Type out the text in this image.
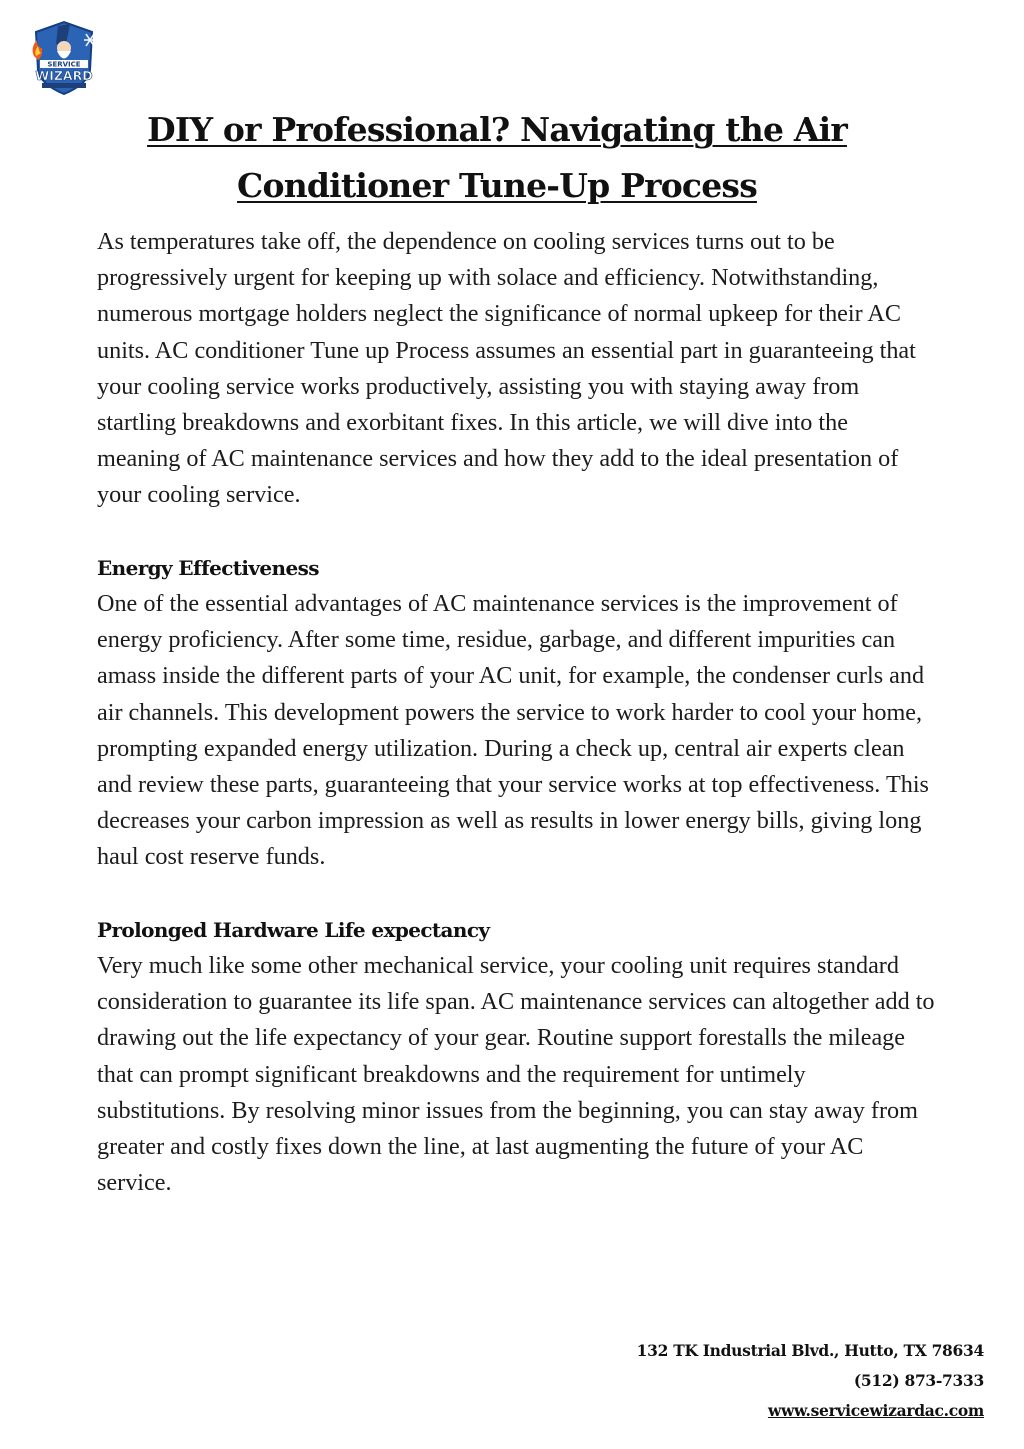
SERVICE
WIZARD
DIY or Professional? Navigating the Air Conditioner Tune-Up Process

As temperatures take off, the dependence on cooling services turns out to be progressively urgent for keeping up with solace and efficiency. Notwithstanding, numerous mortgage holders neglect the significance of normal upkeep for their AC units. AC conditioner Tune up Process assumes an essential part in guaranteeing that your cooling service works productively, assisting you with staying away from startling breakdowns and exorbitant fixes. In this article, we will dive into the meaning of AC maintenance services and how they add to the ideal presentation of your cooling service.

Energy Effectiveness

One of the essential advantages of AC maintenance services is the improvement of energy proficiency. After some time, residue, garbage, and different impurities can amass inside the different parts of your AC unit, for example, the condenser curls and air channels. This development powers the service to work harder to cool your home, prompting expanded energy utilization. During a check up, central air experts clean and review these parts, guaranteeing that your service works at top effectiveness. This decreases your carbon impression as well as results in lower energy bills, giving long haul cost reserve funds.

Prolonged Hardware Life expectancy

Very much like some other mechanical service, your cooling unit requires standard consideration to guarantee its life span. AC maintenance services can altogether add to drawing out the life expectancy of your gear. Routine support forestalls the mileage that can prompt significant breakdowns and the requirement for untimely substitutions. By resolving minor issues from the beginning, you can stay away from greater and costly fixes down the line, at last augmenting the future of your AC service.

132 TK Industrial Blvd., Hutto, TX 78634
(512) 873-7333
www.servicewizardac.com
